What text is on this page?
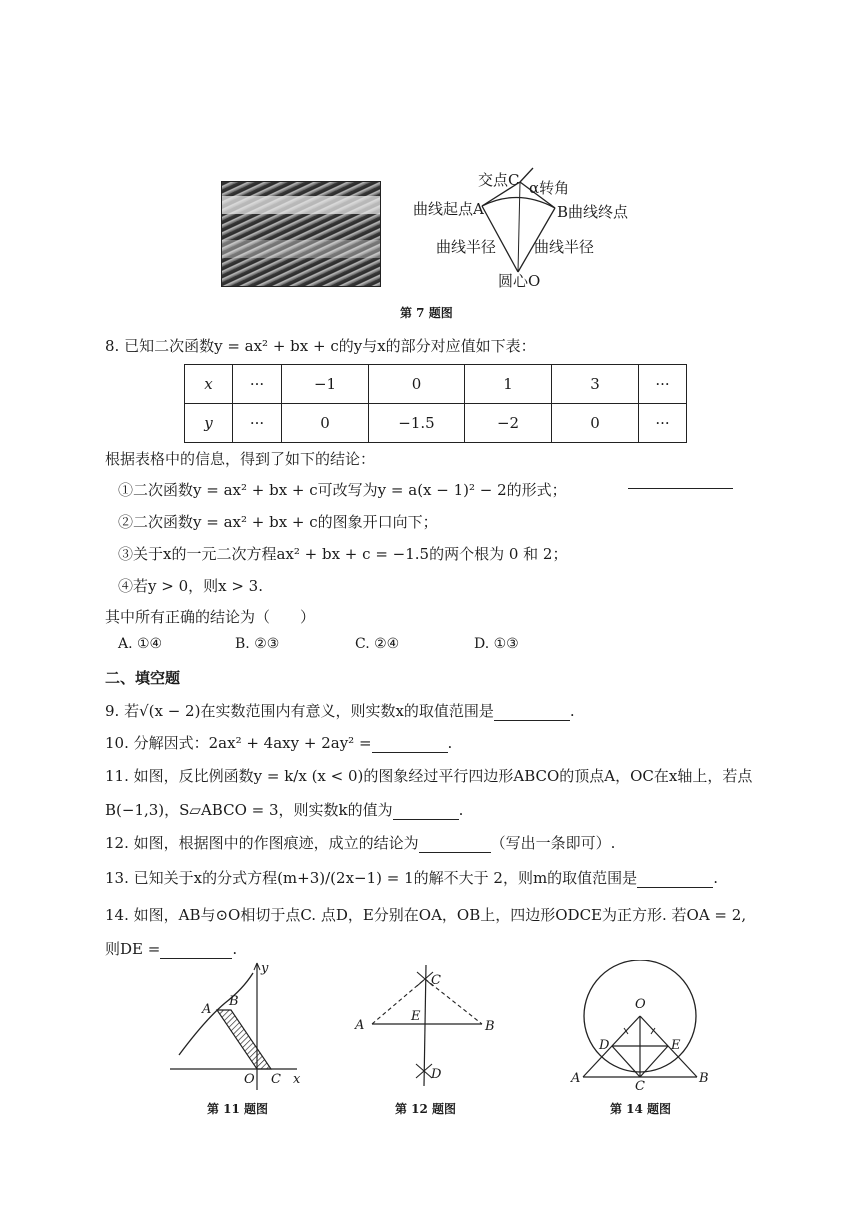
交点C α转角
曲线起点A	B曲线终点
曲线半径	曲线半径
圆心O
第 7 题图
8. 已知二次函数y = ax² + bx + c的y与x的部分对应值如下表：
x	···	−1	0	1	3	···
y	···	0	−1.5	−2	0	···
根据表格中的信息，得到了如下的结论：
①二次函数y = ax² + bx + c可改写为y = a(x − 1)² − 2的形式；
②二次函数y = ax² + bx + c的图象开口向下；
③关于x的一元二次方程ax² + bx + c = −1.5的两个根为 0 和 2；
④若y > 0，则x > 3.
其中所有正确的结论为（　　）
A. ①④	B. ②③	C. ②④	D. ①③
二、填空题
9. 若√(x − 2)在实数范围内有意义，则实数x的取值范围是	.
10. 分解因式：2ax² + 4axy + 2ay² =	.
11. 如图，反比例函数y = k/x (x < 0)的图象经过平行四边形ABCO的顶点A，OC在x轴上，若点
B(−1,3)，S▱ABCO = 3，则实数k的值为	.
12. 如图，根据图中的作图痕迹，成立的结论为	（写出一条即可）.
13. 已知关于x的分式方程(m+3)/(2x−1) = 1的解不大于 2，则m的取值范围是	.
14. 如图，AB与⊙O相切于点C. 点D，E分别在OA，OB上，四边形ODCE为正方形. 若OA = 2,
则DE =	.
A
B
O C x
y
第 11 题图
C
A	B
E
D
第 12 题图
O
D	E
A	B
C
第 14 题图
